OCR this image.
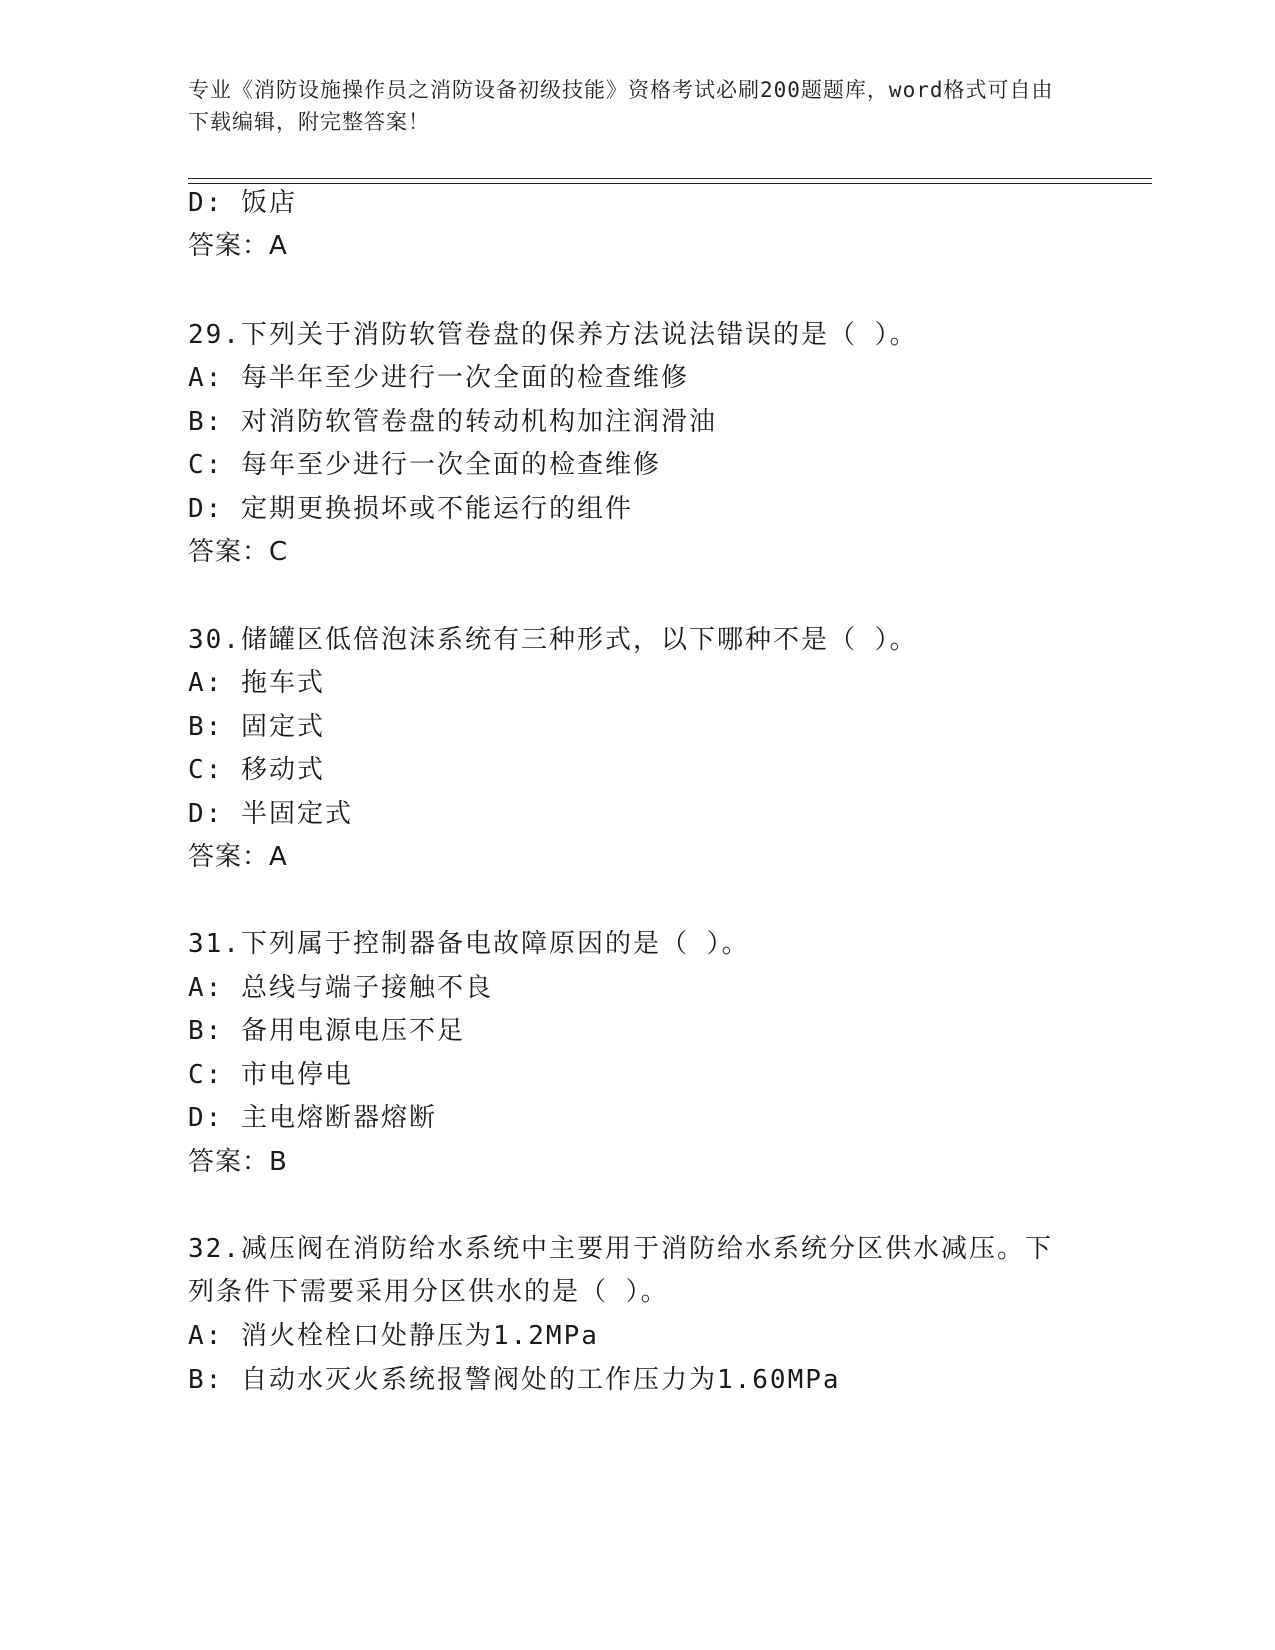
专业《消防设施操作员之消防设备初级技能》资格考试必刷200题题库，word格式可自由下载编辑，附完整答案！
D: 饭店
答案：A
29.下列关于消防软管卷盘的保养方法说法错误的是（ ）。
A: 每半年至少进行一次全面的检查维修
B: 对消防软管卷盘的转动机构加注润滑油
C: 每年至少进行一次全面的检查维修
D: 定期更换损坏或不能运行的组件
答案：C
30.储罐区低倍泡沫系统有三种形式，以下哪种不是（ ）。
A: 拖车式
B: 固定式
C: 移动式
D: 半固定式
答案：A
31.下列属于控制器备电故障原因的是（ ）。
A: 总线与端子接触不良
B: 备用电源电压不足
C: 市电停电
D: 主电熔断器熔断
答案：B
32.减压阀在消防给水系统中主要用于消防给水系统分区供水减压。下
列条件下需要采用分区供水的是（ ）。
A: 消火栓栓口处静压为1.2MPa
B: 自动水灭火系统报警阀处的工作压力为1.60MPa
